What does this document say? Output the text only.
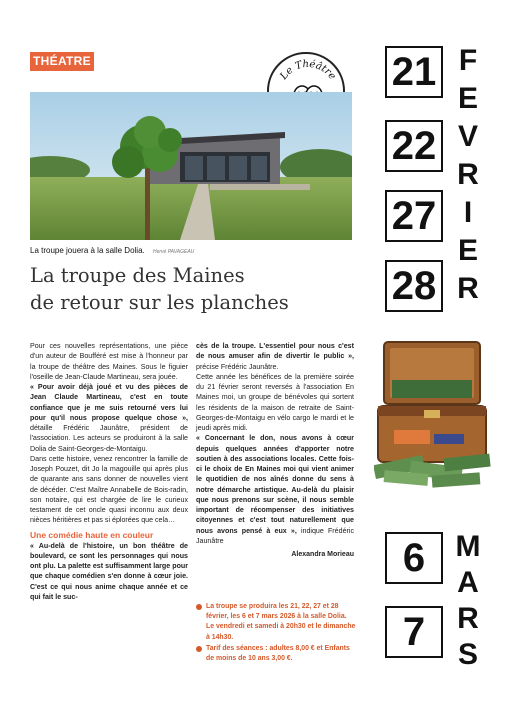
THÉATRE
Le Théâtre
La troupe jouera à la salle Dolia. Hervé PAVAGEAU
La troupe des Maines
de retour sur les planches

Pour ces nouvelles représentations, une pièce d'un auteur de Boufféré est mise à l'honneur par la troupe de théâtre des Maines. Sous le figuier l'oseille de Jean-Claude Martineau, sera jouée.

« Pour avoir déjà joué et vu des pièces de Jean Claude Martineau, c'est en toute confiance que je me suis retourné vers lui pour qu'il nous propose quelque chose », détaille Frédéric Jaunâtre, président de l'association. Les acteurs se produiront à la salle Dolia de Saint-Georges-de-Montaigu.

Dans cette histoire, venez rencontrer la famille de Joseph Pouzet, dit Jo la magouille qui après plus de quarante ans sans donner de nouvelles vient de décéder. C'est Maître Annabelle de Bois-radin, son notaire, qui est chargée de lire le curieux testament de cet oncle quasi inconnu aux deux nièces héritières et pas si éplorées que cela…

Une comédie haute en couleur

« Au-delà de l'histoire, un bon théâtre de boulevard, ce sont les personnages qui nous ont plu. La palette est suffisamment large pour que chaque comédien s'en donne à cœur joie. C'est ce qui nous anime chaque année et ce qui fait le suc-

cès de la troupe. L'essentiel pour nous c'est de nous amuser afin de divertir le public », précise Frédéric Jaunâtre.

Cette année les bénéfices de la première soirée du 21 février seront reversés à l'association En Maines moi, un groupe de bénévoles qui sortent les résidents de la maison de retraite de Saint-Georges-de-Montaigu en vélo cargo le mardi et le jeudi après midi.

« Concernant le don, nous avons à cœur depuis quelques années d'apporter notre soutien à des associations locales. Cette fois-ci le choix de En Maines moi qui vient animer le quotidien de nos aînés donne du sens à notre démarche artistique. Au-delà du plaisir que nous prenons sur scène, il nous semble important de récompenser des initiatives citoyennes et c'est tout naturellement que nous avons pensé à eux », indique Frédéric Jaunâtre

Alexandra Morieau
La troupe se produira les 21, 22, 27 et 28 février, les 6 et 7 mars 2026 à la salle Dolia. Le vendredi et samedi à 20h30 et le dimanche à 14h30.
Tarif des séances : adultes 8,00 € et Enfants de moins de 10 ans 3,00 €.
21
22
27
28
F
E
V
R
I
E
R
6
7
M
A
R
S
